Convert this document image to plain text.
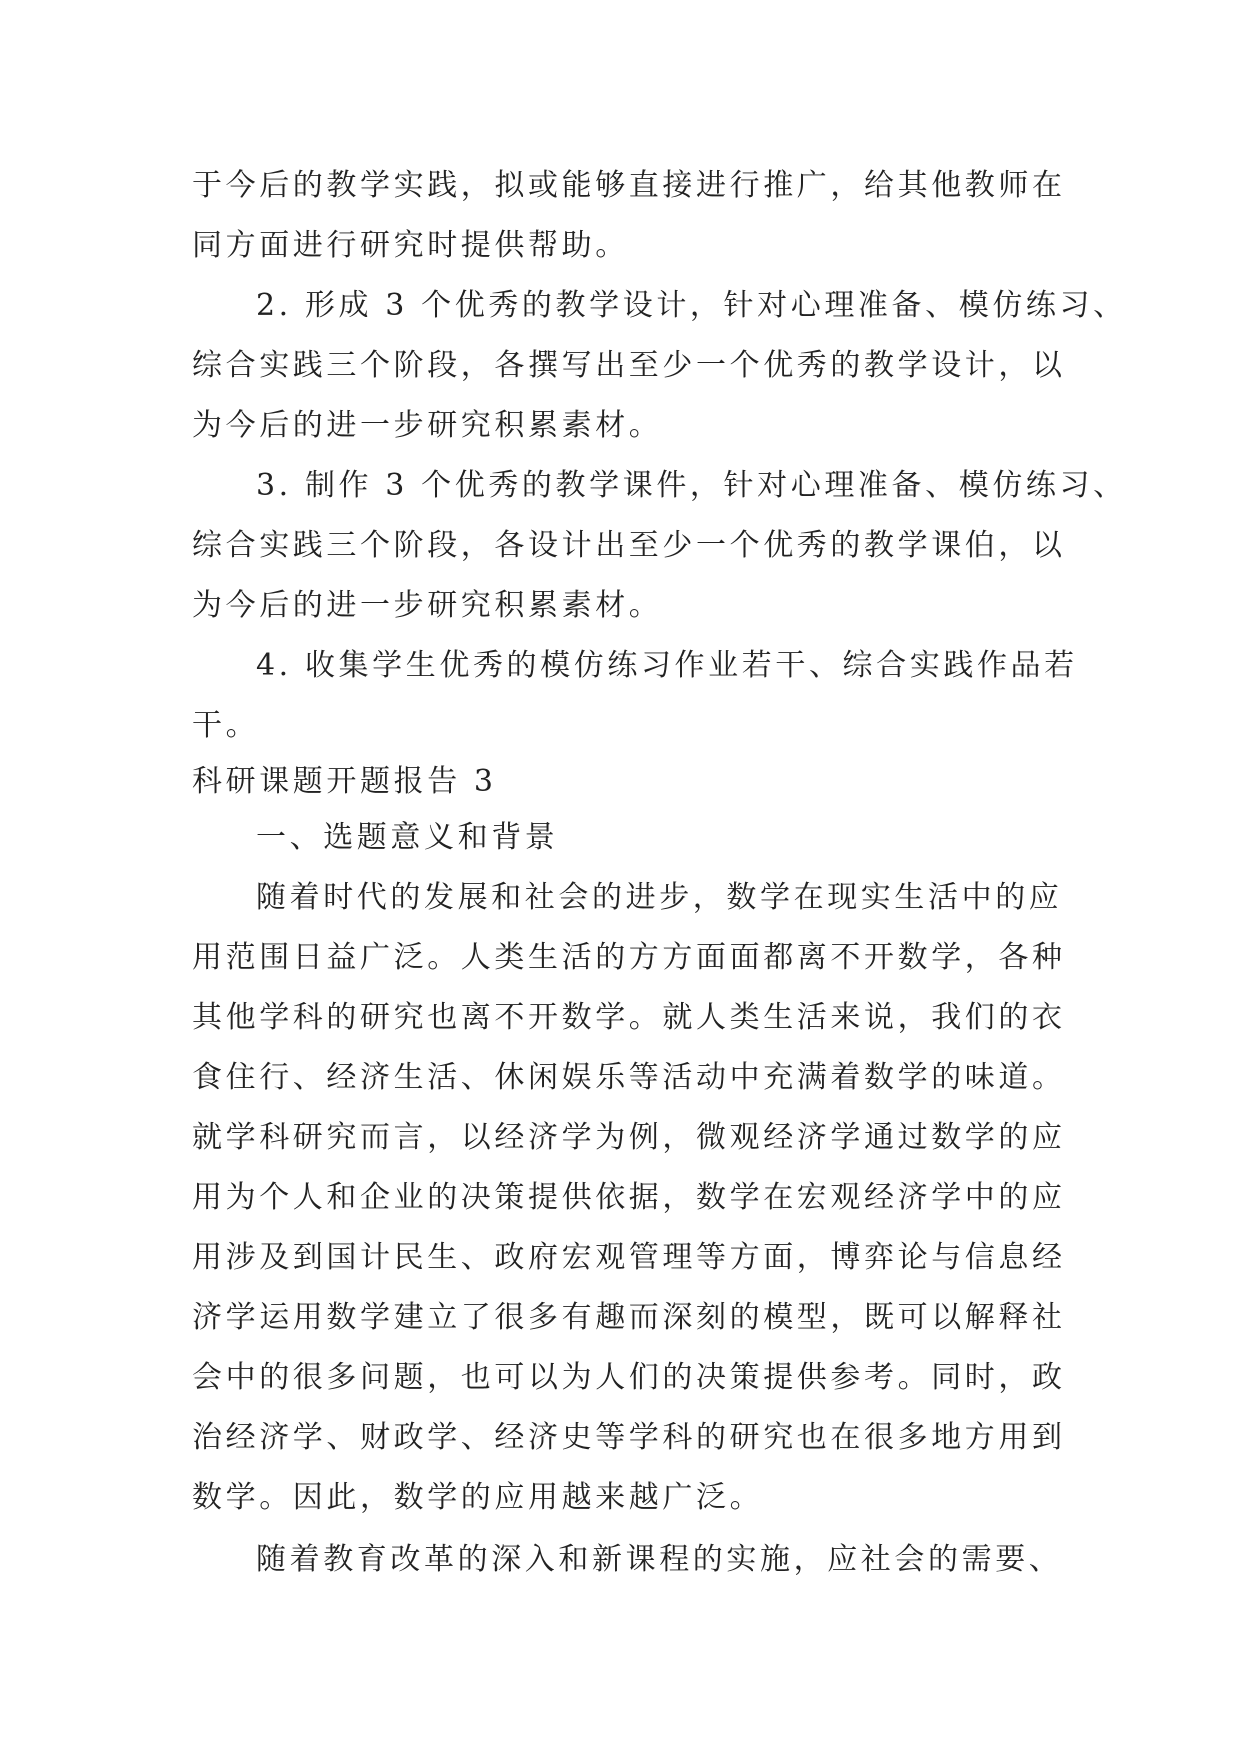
于今后的教学实践，拟或能够直接进行推广，给其他教师在
同方面进行研究时提供帮助。
2. 形成 3 个优秀的教学设计，针对心理准备、模仿练习、
综合实践三个阶段，各撰写出至少一个优秀的教学设计，以
为今后的进一步研究积累素材。
3. 制作 3 个优秀的教学课件，针对心理准备、模仿练习、
综合实践三个阶段，各设计出至少一个优秀的教学课伯，以
为今后的进一步研究积累素材。
4. 收集学生优秀的模仿练习作业若干、综合实践作品若
干。
科研课题开题报告 3
一、选题意义和背景
随着时代的发展和社会的进步，数学在现实生活中的应
用范围日益广泛。人类生活的方方面面都离不开数学，各种
其他学科的研究也离不开数学。就人类生活来说，我们的衣
食住行、经济生活、休闲娱乐等活动中充满着数学的味道。
就学科研究而言，以经济学为例，微观经济学通过数学的应
用为个人和企业的决策提供依据，数学在宏观经济学中的应
用涉及到国计民生、政府宏观管理等方面，博弈论与信息经
济学运用数学建立了很多有趣而深刻的模型，既可以解释社
会中的很多问题，也可以为人们的决策提供参考。同时，政
治经济学、财政学、经济史等学科的研究也在很多地方用到
数学。因此，数学的应用越来越广泛。
随着教育改革的深入和新课程的实施，应社会的需要、
